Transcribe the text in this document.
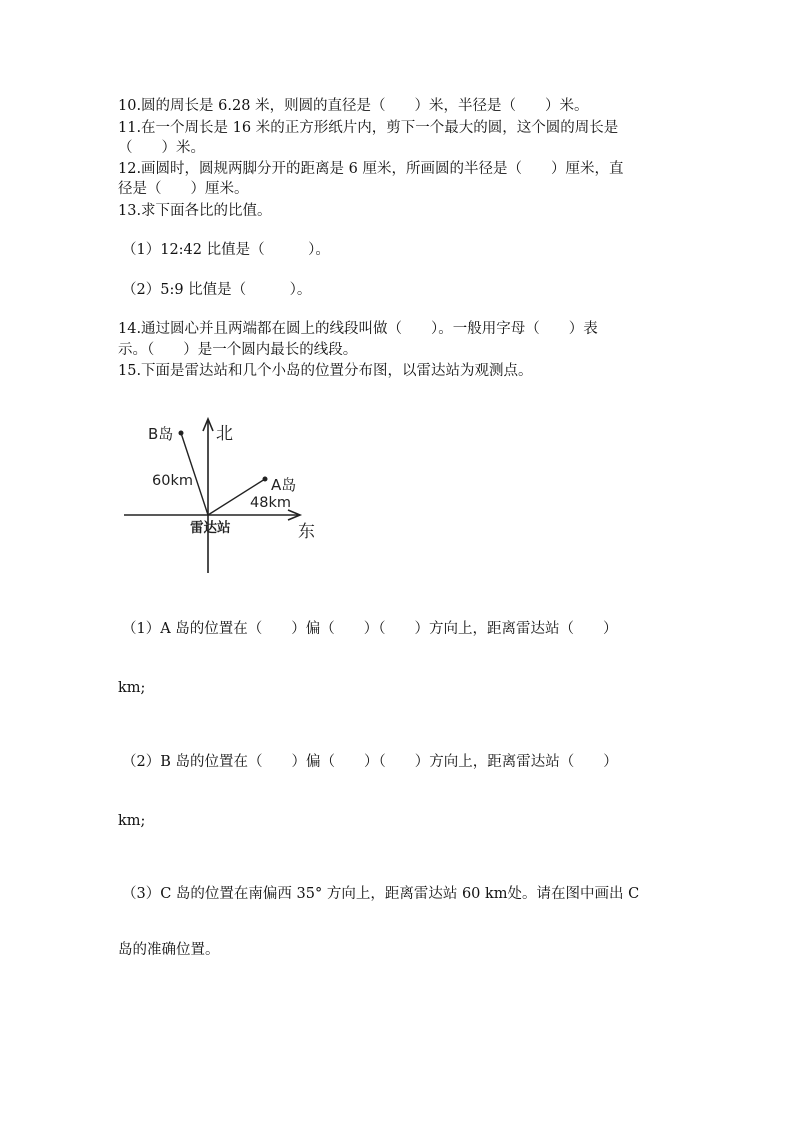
10.圆的周长是 6.28 米，则圆的直径是（　　）米，半径是（　　）米。
11.在一个周长是 16 米的正方形纸片内，剪下一个最大的圆，这个圆的周长是
（　　）米。
12.画圆时，圆规两脚分开的距离是 6 厘米，所画圆的半径是（　　）厘米，直
径是（　　）厘米。
13.求下面各比的比值。
（1）12:42 比值是（　　　）。
（2）5:9 比值是（　　　）。
14.通过圆心并且两端都在圆上的线段叫做（　　）。一般用字母（　　）表
示。（　　）是一个圆内最长的线段。
15.下面是雷达站和几个小岛的位置分布图，以雷达站为观测点。
北
东
雷达站
B岛
A岛
60km
48km
（1）A 岛的位置在（　　）偏（　　）（　　）方向上，距离雷达站（　　）
km;
（2）B 岛的位置在（　　）偏（　　）（　　）方向上，距离雷达站（　　）
km;
（3）C 岛的位置在南偏西 35° 方向上，距离雷达站 60 km处。请在图中画出 C
岛的准确位置。
